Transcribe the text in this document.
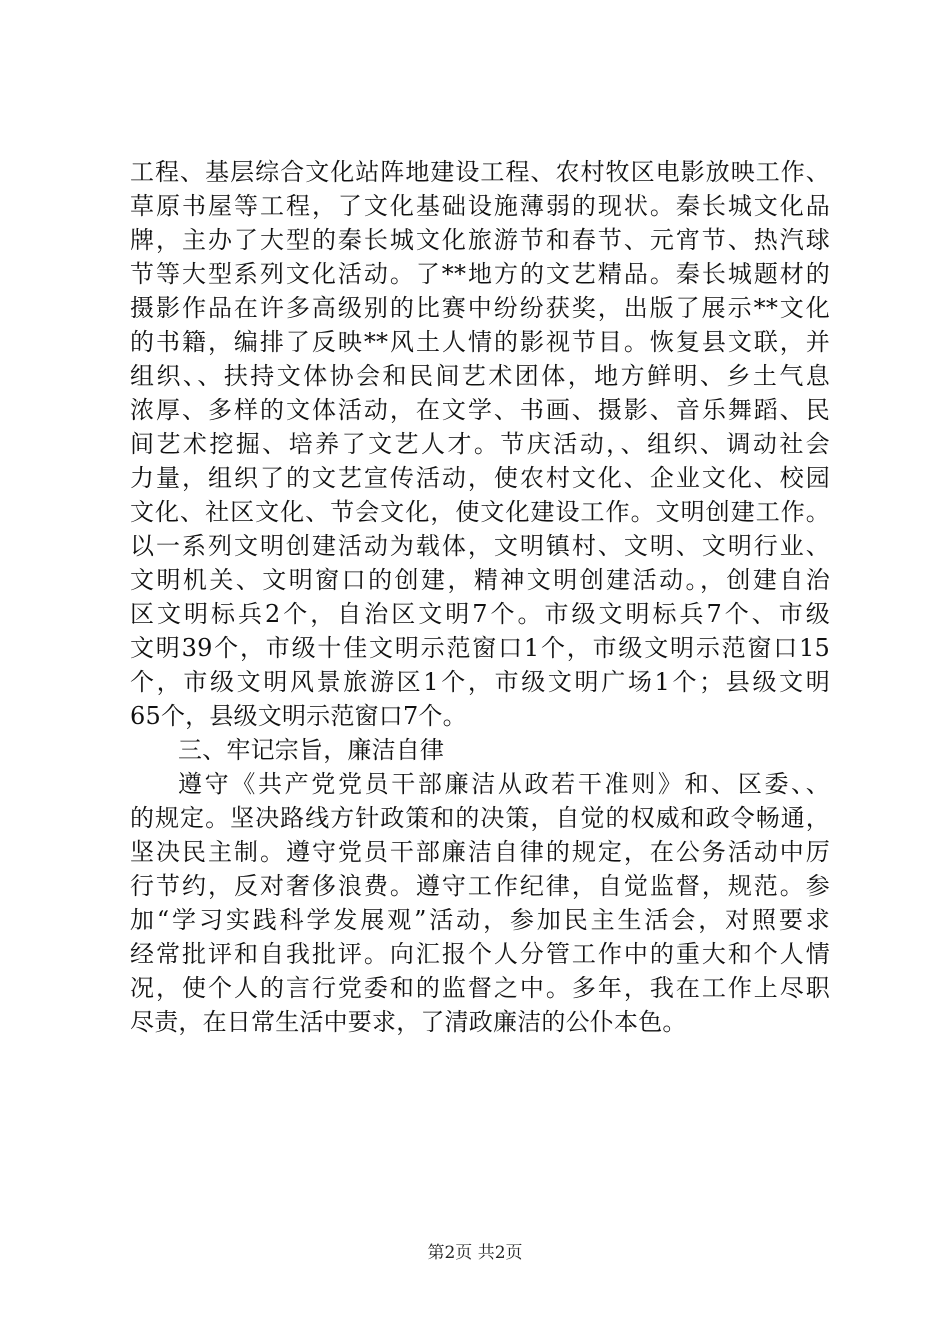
工程、基层综合文化站阵地建设工程、农村牧区电影放映工作、
草原书屋等工程，了文化基础设施薄弱的现状。秦长城文化品
牌，主办了大型的秦长城文化旅游节和春节、元宵节、热汽球
节等大型系列文化活动。了**地方的文艺精品。秦长城题材的
摄影作品在许多高级别的比赛中纷纷获奖，出版了展示**文化
的书籍，编排了反映**风土人情的影视节目。恢复县文联，并
组织、、扶持文体协会和民间艺术团体，地方鲜明、乡土气息
浓厚、多样的文体活动，在文学、书画、摄影、音乐舞蹈、民
间艺术挖掘、培养了文艺人才。节庆活动，、组织、调动社会
力量，组织了的文艺宣传活动，使农村文化、企业文化、校园
文化、社区文化、节会文化，使文化建设工作。文明创建工作。
以一系列文明创建活动为载体，文明镇村、文明、文明行业、
文明机关、文明窗口的创建，精神文明创建活动。，创建自治
区文明标兵2个，自治区文明7个。市级文明标兵7个、市级
文明39个，市级十佳文明示范窗口1个，市级文明示范窗口15
个，市级文明风景旅游区1个，市级文明广场1个；县级文明
65个，县级文明示范窗口7个。
三、牢记宗旨，廉洁自律
遵守《共产党党员干部廉洁从政若干准则》和、区委、、
的规定。坚决路线方针政策和的决策，自觉的权威和政令畅通，
坚决民主制。遵守党员干部廉洁自律的规定，在公务活动中厉
行节约，反对奢侈浪费。遵守工作纪律，自觉监督，规范。参
加“学习实践科学发展观”活动，参加民主生活会，对照要求
经常批评和自我批评。向汇报个人分管工作中的重大和个人情
况，使个人的言行党委和的监督之中。多年，我在工作上尽职
尽责，在日常生活中要求，了清政廉洁的公仆本色。
第2页 共2页
